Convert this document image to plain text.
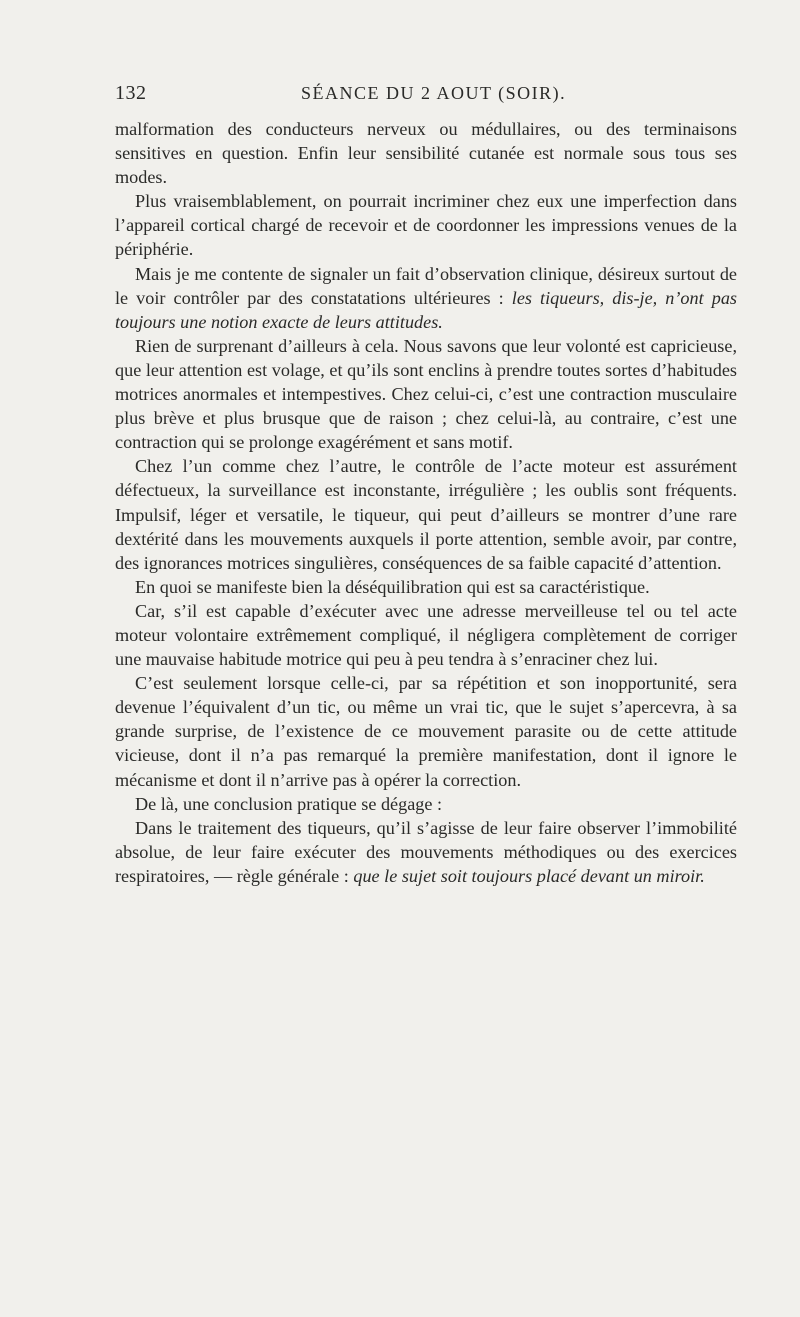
132	SÉANCE DU 2 AOUT (SOIR).

malformation des conducteurs nerveux ou médullaires, ou des terminaisons sensitives en question. Enfin leur sensibilité cutanée est normale sous tous ses modes.

Plus vraisemblablement, on pourrait incriminer chez eux une imperfection dans l’appareil cortical chargé de recevoir et de coordonner les impressions venues de la périphérie.

Mais je me contente de signaler un fait d’observation clinique, désireux surtout de le voir contrôler par des constatations ultérieures : les tiqueurs, dis-je, n’ont pas toujours une notion exacte de leurs attitudes.

Rien de surprenant d’ailleurs à cela. Nous savons que leur volonté est capricieuse, que leur attention est volage, et qu’ils sont enclins à prendre toutes sortes d’habitudes motrices anormales et intempestives. Chez celui-ci, c’est une contraction musculaire plus brève et plus brusque que de raison ; chez celui-là, au contraire, c’est une contraction qui se prolonge exagérément et sans motif.

Chez l’un comme chez l’autre, le contrôle de l’acte moteur est assurément défectueux, la surveillance est inconstante, irrégulière ; les oublis sont fréquents. Impulsif, léger et versatile, le tiqueur, qui peut d’ailleurs se montrer d’une rare dextérité dans les mouvements auxquels il porte attention, semble avoir, par contre, des ignorances motrices singulières, conséquences de sa faible capacité d’attention.

En quoi se manifeste bien la déséquilibration qui est sa caractéristique.

Car, s’il est capable d’exécuter avec une adresse merveilleuse tel ou tel acte moteur volontaire extrêmement compliqué, il négligera complètement de corriger une mauvaise habitude motrice qui peu à peu tendra à s’enraciner chez lui.

C’est seulement lorsque celle-ci, par sa répétition et son inopportunité, sera devenue l’équivalent d’un tic, ou même un vrai tic, que le sujet s’apercevra, à sa grande surprise, de l’existence de ce mouvement parasite ou de cette attitude vicieuse, dont il n’a pas remarqué la première manifestation, dont il ignore le mécanisme et dont il n’arrive pas à opérer la correction.

De là, une conclusion pratique se dégage :

Dans le traitement des tiqueurs, qu’il s’agisse de leur faire observer l’immobilité absolue, de leur faire exécuter des mouvements méthodiques ou des exercices respiratoires, — règle générale : que le sujet soit toujours placé devant un miroir.
